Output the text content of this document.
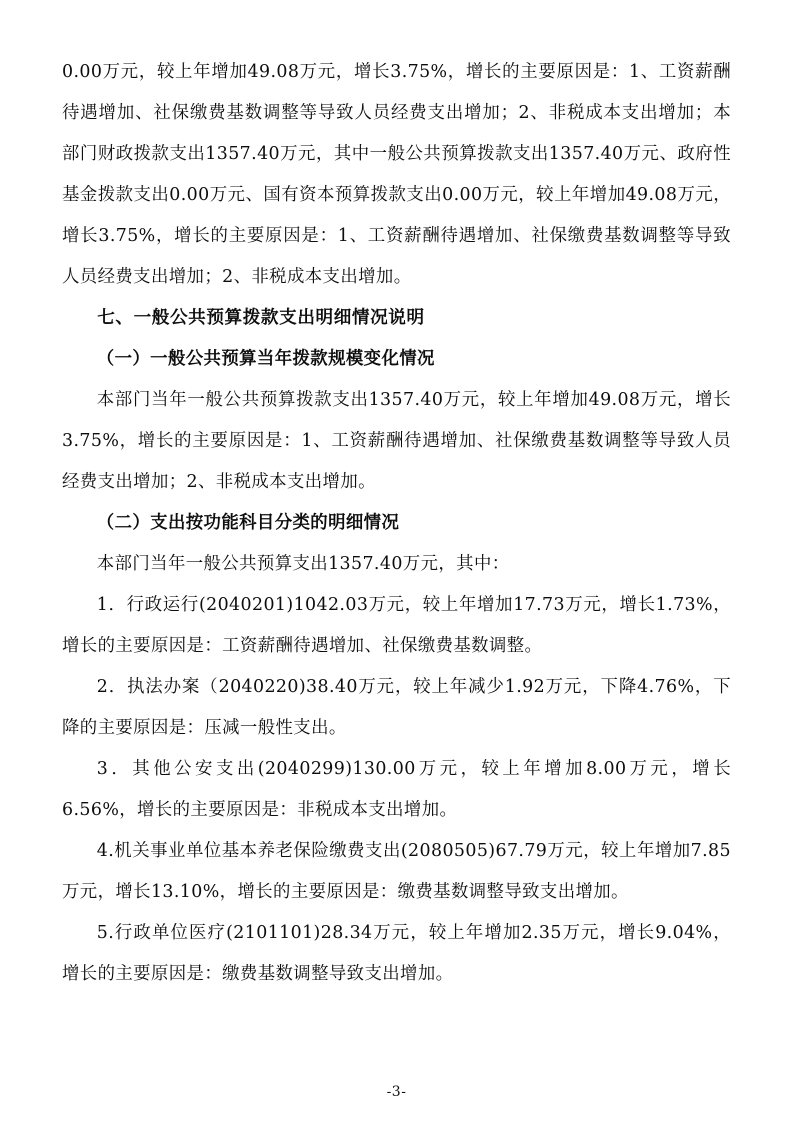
0.00万元，较上年增加49.08万元，增长3.75%，增长的主要原因是：1、工资薪酬待遇增加、社保缴费基数调整等导致人员经费支出增加；2、非税成本支出增加；本部门财政拨款支出1357.40万元，其中一般公共预算拨款支出1357.40万元、政府性基金拨款支出0.00万元、国有资本预算拨款支出0.00万元，较上年增加49.08万元，增长3.75%，增长的主要原因是：1、工资薪酬待遇增加、社保缴费基数调整等导致人员经费支出增加；2、非税成本支出增加。

七、一般公共预算拨款支出明细情况说明
（一）一般公共预算当年拨款规模变化情况

本部门当年一般公共预算拨款支出1357.40万元，较上年增加49.08万元，增长3.75%，增长的主要原因是：1、工资薪酬待遇增加、社保缴费基数调整等导致人员经费支出增加；2、非税成本支出增加。

（二）支出按功能科目分类的明细情况

本部门当年一般公共预算支出1357.40万元，其中：

1．行政运行(2040201)1042.03万元，较上年增加17.73万元，增长1.73%，增长的主要原因是：工资薪酬待遇增加、社保缴费基数调整。

2．执法办案（2040220)38.40万元，较上年减少1.92万元，下降4.76%，下降的主要原因是：压减一般性支出。

3．其他公安支出(2040299)130.00万元，较上年增加8.00万元，增长6.56%，增长的主要原因是：非税成本支出增加。

4.机关事业单位基本养老保险缴费支出(2080505)67.79万元，较上年增加7.85万元，增长13.10%，增长的主要原因是：缴费基数调整导致支出增加。

5.行政单位医疗(2101101)28.34万元，较上年增加2.35万元，增长9.04%，增长的主要原因是：缴费基数调整导致支出增加。

-3-
